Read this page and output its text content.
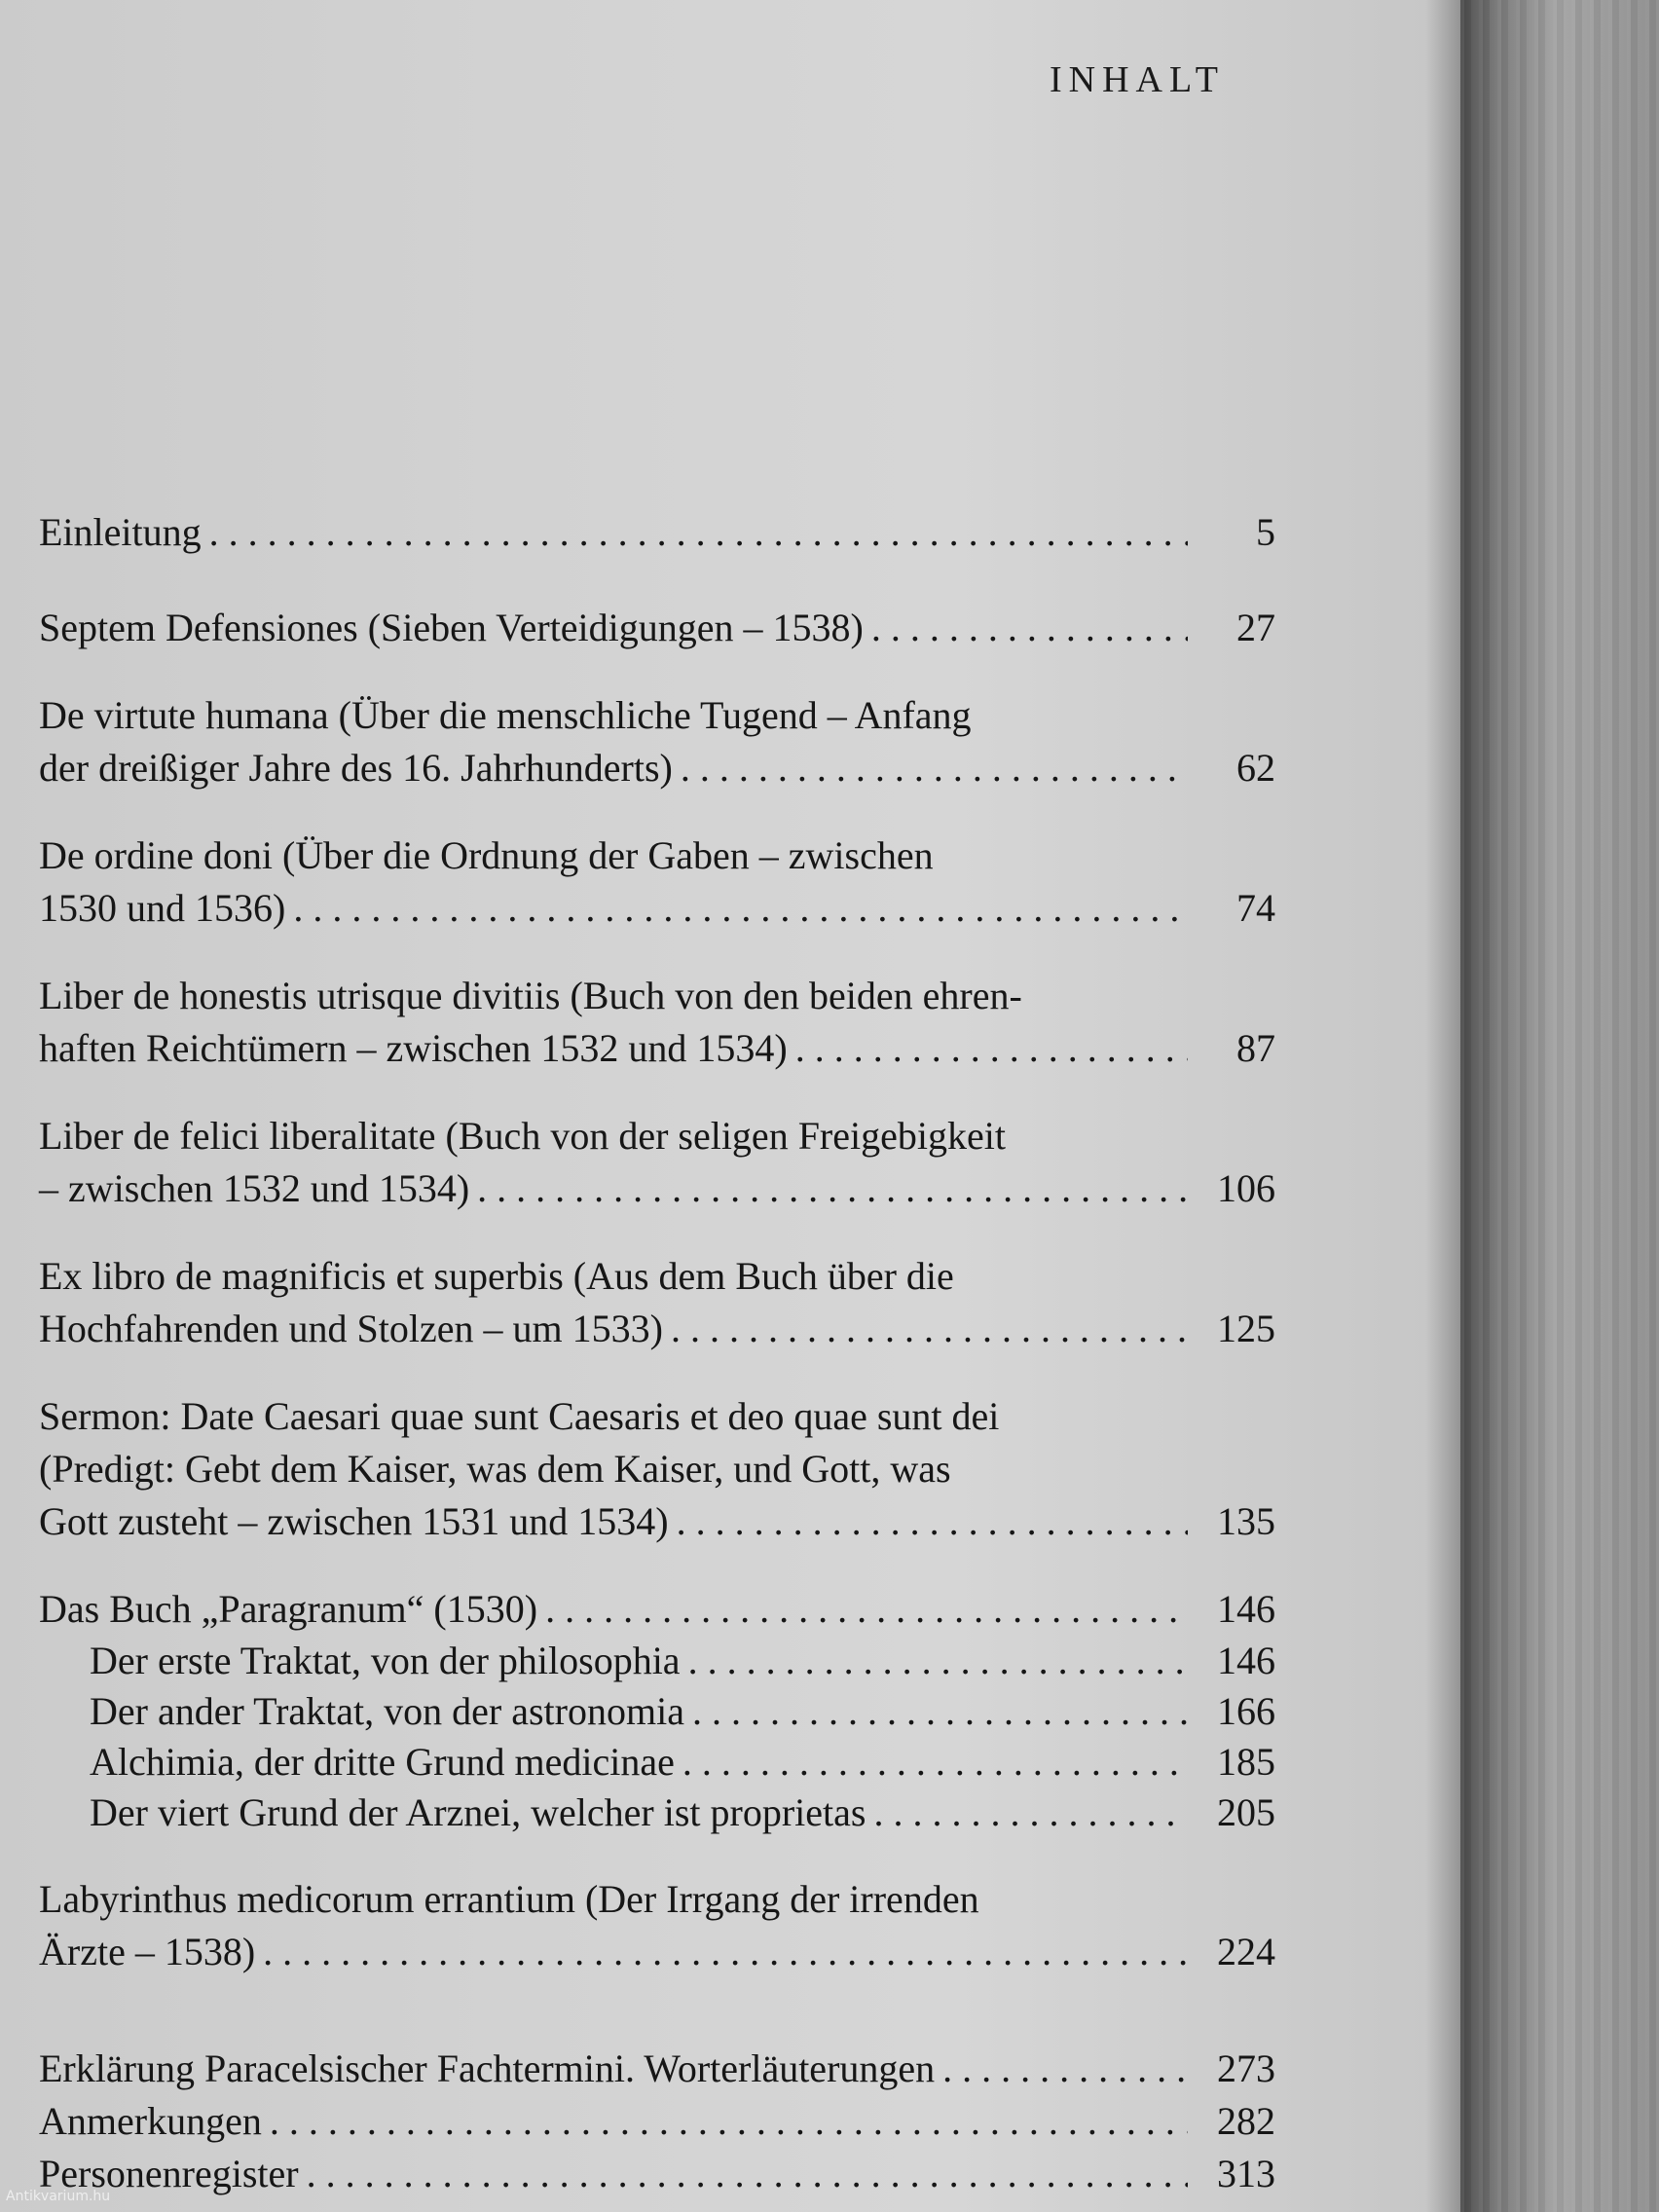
INHALT
Einleitung . . .	5
Septem Defensiones (Sieben Verteidigungen – 1538) . . .	27
De virtute humana (Über die menschliche Tugend – Anfang
der dreißiger Jahre des 16. Jahrhunderts) . . .	62
De ordine doni (Über die Ordnung der Gaben – zwischen
1530 und 1536) . . .	74
Liber de honestis utrisque divitiis (Buch von den beiden ehren-
haften Reichtümern – zwischen 1532 und 1534) . . .	87
Liber de felici liberalitate (Buch von der seligen Freigebigkeit
– zwischen 1532 und 1534) . . .	106
Ex libro de magnificis et superbis (Aus dem Buch über die
Hochfahrenden und Stolzen – um 1533) . . .	125
Sermon: Date Caesari quae sunt Caesaris et deo quae sunt dei
(Predigt: Gebt dem Kaiser, was dem Kaiser, und Gott, was
Gott zusteht – zwischen 1531 und 1534) . . .	135
Das Buch „Paragranum“ (1530) . . .	146
Der erste Traktat, von der philosophia . . .	146
Der ander Traktat, von der astronomia . . .	166
Alchimia, der dritte Grund medicinae . . .	185
Der viert Grund der Arznei, welcher ist proprietas . . .	205
Labyrinthus medicorum errantium (Der Irrgang der irrenden
Ärzte – 1538) . . .	224
Erklärung Paracelsischer Fachtermini. Worterläuterungen . . .	273
Anmerkungen . . .	282
Personenregister . . .	313
Antikvarium.hu
